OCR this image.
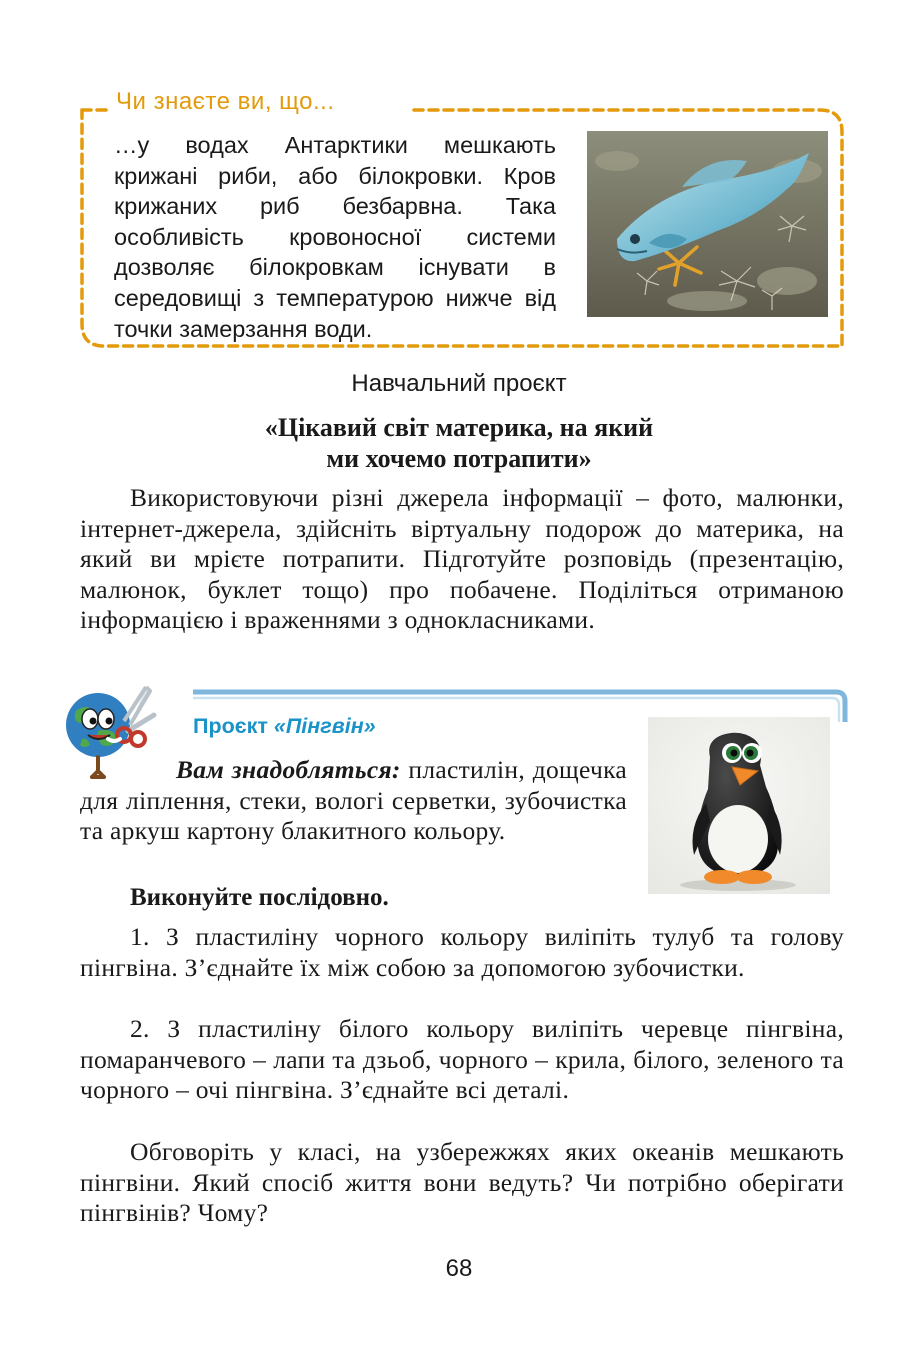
Чи знаєте ви, що...
…у водах Антарктики мешкають крижані риби, або білокровки. Кров крижаних риб безбарвна. Така особливість кровоносної системи дозволяє білокровкам існувати в середовищі з температурою нижче від точки замерзання води.
Навчальний проєкт
«Цікавий світ материка, на який
ми хочемо потрапити»
Використовуючи різні джерела інформації – фото, малюнки, інтернет-джерела, здійсніть віртуальну подорож до материка, на який ви мрієте потрапити. Підготуйте розповідь (презентацію, малюнок, буклет тощо) про побачене. Поділіться отриманою інформацією і враженнями з однокласниками.
Проєкт «Пінгвін»
Вам знадобляться: пластилін, дощечка для ліплення, стеки, вологі серветки, зубочистка та аркуш картону блакитного кольору.
Виконуйте послідовно.
1. З пластиліну чорного кольору виліпіть тулуб та голову пінгвіна. З’єднайте їх між собою за допомогою зубочистки.
2. З пластиліну білого кольору виліпіть черевце пінгвіна, помаранчевого – лапи та дзьоб, чорного – крила, білого, зеленого та чорного – очі пінгвіна. З’єднайте всі деталі.
Обговоріть у класі, на узбережжях яких океанів мешкають пінгвіни. Який спосіб життя вони ведуть? Чи потрібно оберігати пінгвінів? Чому?
68
